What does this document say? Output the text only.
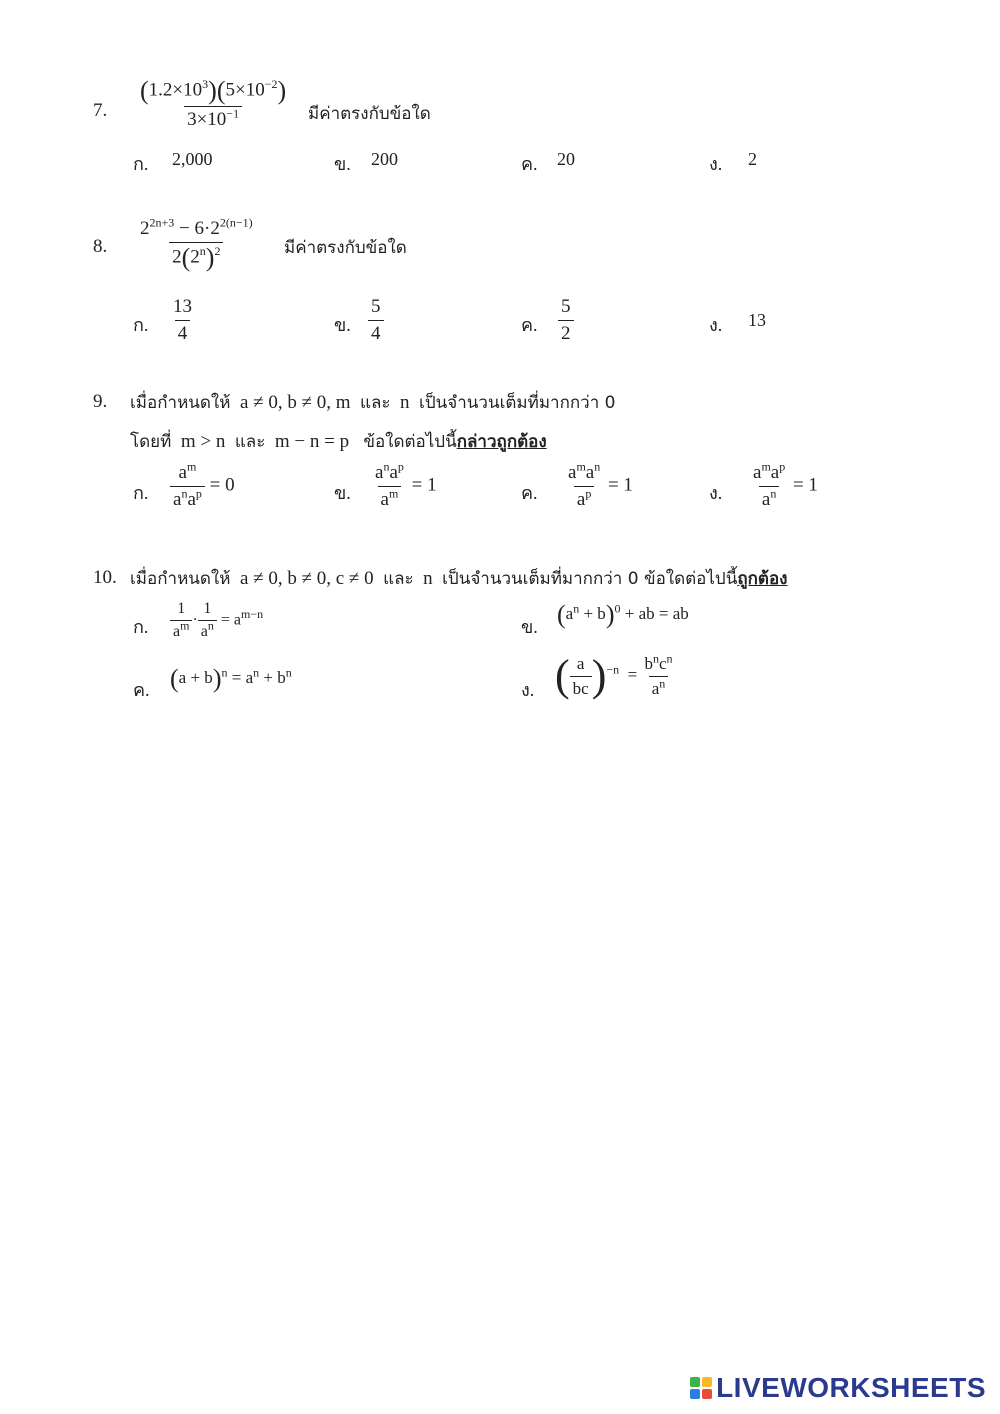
7. $\frac{(1.2\times 10^3)(5\times 10^{-2})}{3\times 10^{-1}}$ มีค่าตรงกับข้อใด
ก. 2,000	ข. 200	ค. 20	ง. 2
8. $\frac{2^{2n+3} - 6\cdot 2^{2(n-1)}}{2(2^n)^2}$ มีค่าตรงกับข้อใด
ก. $\frac{13}{4}$	ข. $\frac{5}{4}$	ค. $\frac{5}{2}$	ง. 13
9. เมื่อกำหนดให้ a ≠ 0, b ≠ 0, m และ n เป็นจำนวนเต็มที่มากกว่า 0
โดยที่ m > n และ m − n = p ข้อใดต่อไปนี้กล่าวถูกต้อง
ก. $\frac{a^m}{a^na^p} = 0$	ข. $\frac{a^na^p}{a^m} = 1$	ค. $\frac{a^ma^n}{a^p} = 1$	ง. $\frac{a^ma^p}{a^n} = 1$
10. เมื่อกำหนดให้ a ≠ 0, b ≠ 0, c ≠ 0 และ n เป็นจำนวนเต็มที่มากกว่า 0 ข้อใดต่อไปนี้ถูกต้อง
ก. $\frac{1}{a^m} \cdot \frac{1}{a^n} = a^{m-n}$
ข. $(a^n + b)^0$ + ab = ab
ค. $(a + b)^n = a^n + b^n$
ง. ( $\frac{a}{bc} )^{-n} = \frac{b^nc^n}{a^n}$
LIVEWORKSHEETS
